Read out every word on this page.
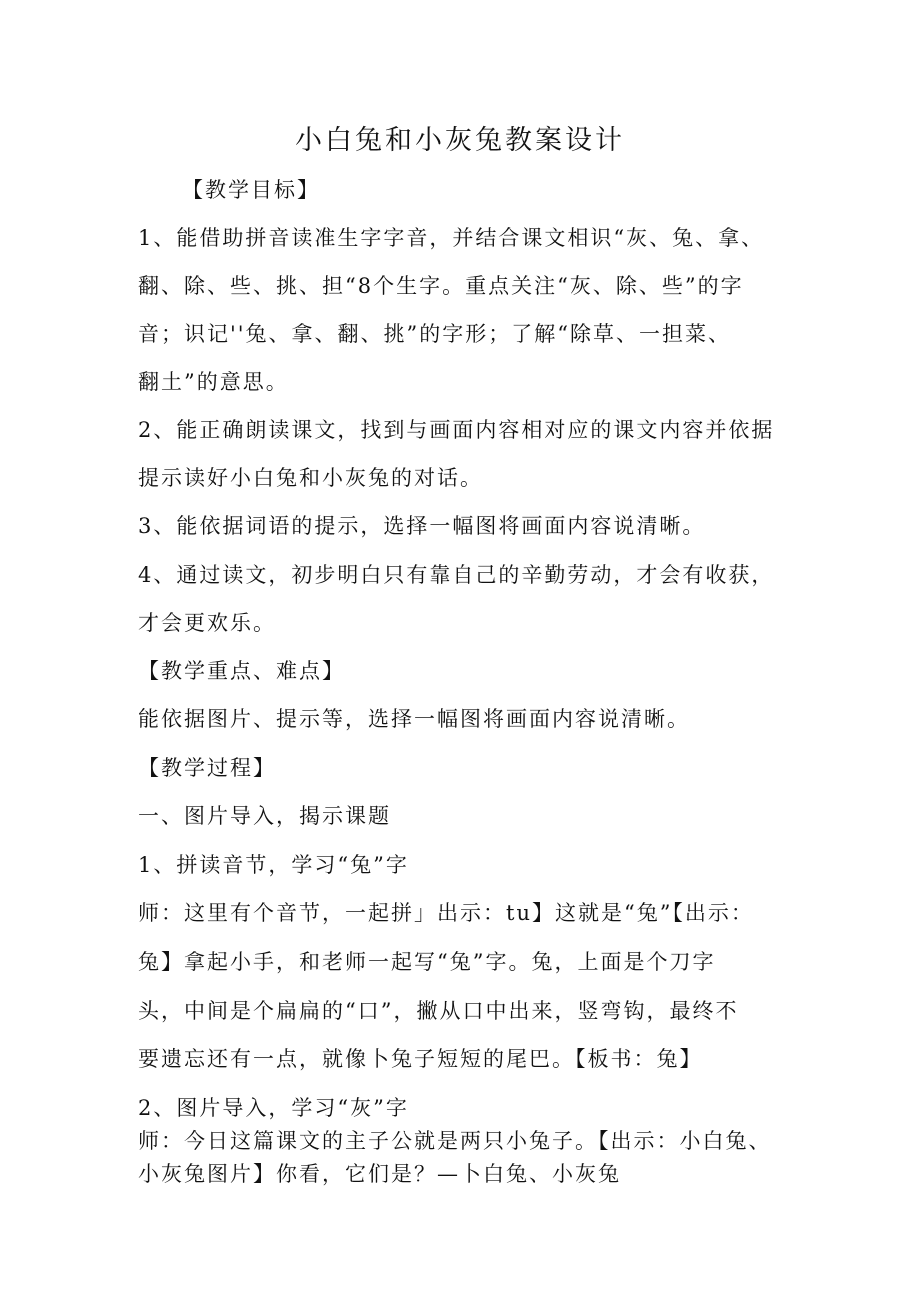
小白兔和小灰兔教案设计
【教学目标】
1、能借助拼音读准生字字音，并结合课文相识“灰、兔、拿、
翻、除、些、挑、担“8个生字。重点关注“灰、除、些”的字
音；识记''兔、拿、翻、挑”的字形；了解“除草、一担菜、
翻土”的意思。
2、能正确朗读课文，找到与画面内容相对应的课文内容并依据
提示读好小白兔和小灰兔的对话。
3、能依据词语的提示，选择一幅图将画面内容说清晰。
4、通过读文，初步明白只有靠自己的辛勤劳动，才会有收获，
才会更欢乐。
【教学重点、难点】
能依据图片、提示等，选择一幅图将画面内容说清晰。
【教学过程】
一、图片导入，揭示课题
1、拼读音节，学习“兔”字
师：这里有个音节，一起拼」出示：tu】这就是“兔”【出示：
兔】拿起小手，和老师一起写“兔”字。兔，上面是个刀字
头，中间是个扁扁的“口”，撇从口中出来，竖弯钩，最终不
要遗忘还有一点，就像卜兔子短短的尾巴。【板书：兔】
2、图片导入，学习“灰”字
师：今日这篇课文的主子公就是两只小兔子。【出示：小白兔、
小灰兔图片】你看，它们是？—卜白兔、小灰兔
